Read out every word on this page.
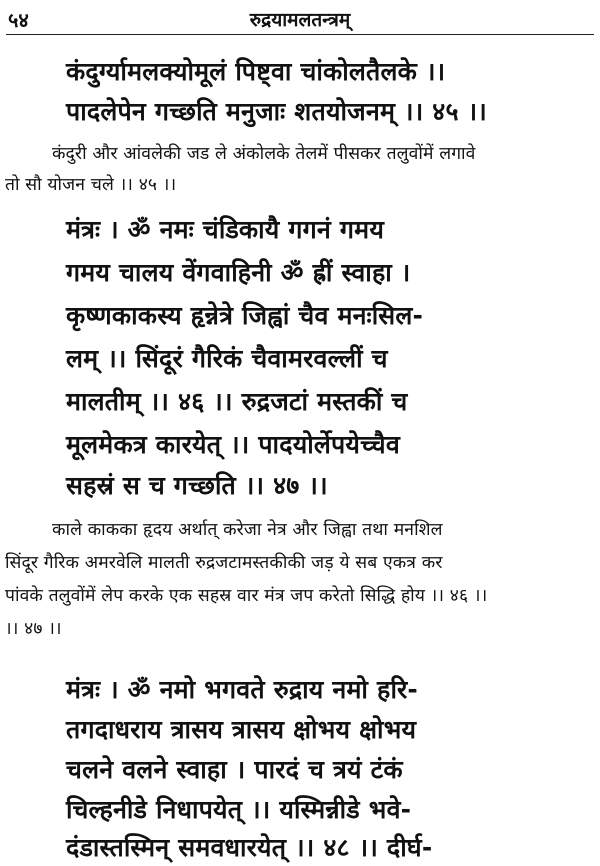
५४	रुद्रयामलतन्त्रम्
कंदुर्ग्यामलक्योमूलं पिष्ट्वा चांकोलतैलके ।।
पादलेपेन गच्छति मनुजाः शतयोजनम् ।। ४५ ।।
कंदुरी और आंवलेकी जड ले अंकोलके तेलमें पीसकर तलुवोंमें लगावे
तो सौ योजन चले ।। ४५ ।।
मंत्रः । ॐ नमः चंडिकायै गगनं गमय
गमय चालय वेंगवाहिनी ॐ ह्रीं स्वाहा ।
कृष्णकाकस्य हृन्नेत्रे जिह्वां चैव मनःसिल-
लम् ।। सिंदूरं गैरिकं चैवामरवल्लीं च
मालतीम् ।। ४६ ।। रुद्रजटां मस्तकीं च
मूलमेकत्र कारयेत् ।। पादयोर्लेपयेच्चैव
सहस्रं स च गच्छति ।। ४७ ।।
काले काकका हृदय अर्थात् करेजा नेत्र और जिह्वा तथा मनशिल
सिंदूर गैरिक अमरवेलि मालती रुद्रजटामस्तकीकी जड़ ये सब एकत्र कर
पांवके तलुवोंमें लेप करके एक सहस्र वार मंत्र जप करेतो सिद्धि होय ।। ४६ ।।
।। ४७ ।।
मंत्रः । ॐ नमो भगवते रुद्राय नमो हरि-
तगदाधराय त्रासय त्रासय क्षोभय क्षोभय
चलने वलने स्वाहा । पारदं च त्रयं टंकं
चिल्हनीडे निधापयेत् ।। यस्मिन्नीडे भवे-
दंडास्तस्मिन् समवधारयेत् ।। ४८ ।। दीर्घ-
